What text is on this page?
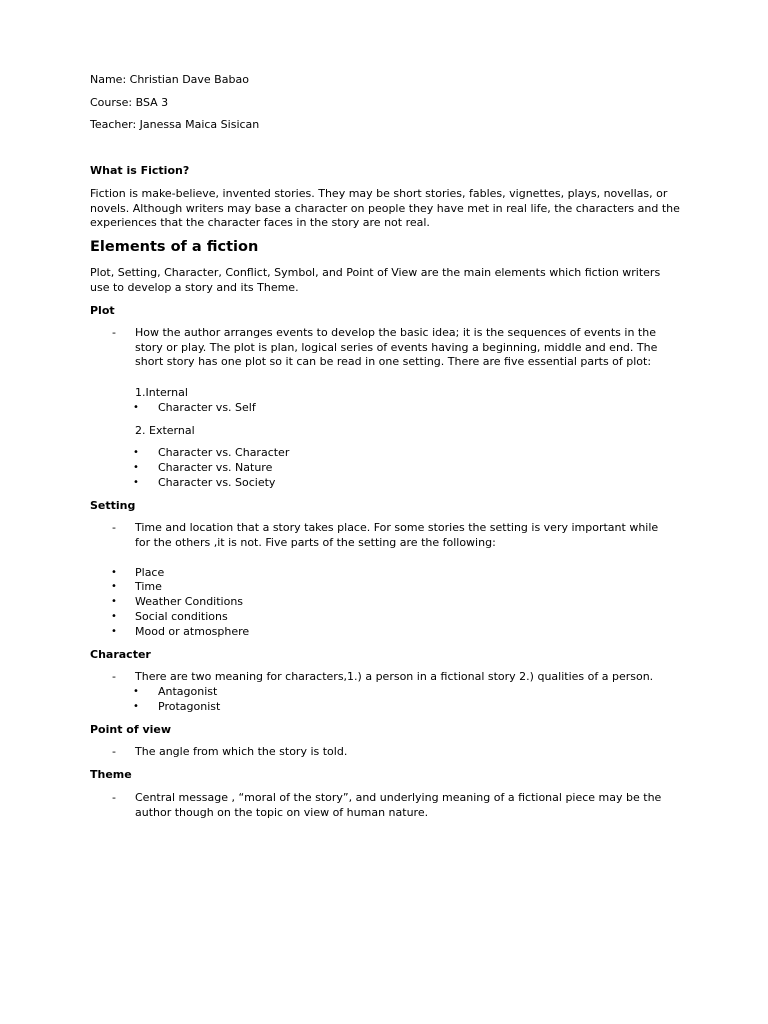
Name: Christian Dave Babao
Course: BSA 3
Teacher: Janessa Maica Sisican
What is Fiction?
Fiction is make-believe, invented stories. They may be short stories, fables, vignettes, plays, novellas, or novels. Although writers may base a character on people they have met in real life, the characters and the experiences that the character faces in the story are not real.
Elements of a fiction
Plot, Setting, Character, Conflict, Symbol, and Point of View are the main elements which fiction writers use to develop a story and its Theme.
Plot
- How the author arranges events to develop the basic idea; it is the sequences of events in the story or play. The plot is plan, logical series of events having a beginning, middle and end. The short story has one plot so it can be read in one setting. There are five essential parts of plot:
1.Internal
• Character vs. Self
2. External
• Character vs. Character
• Character vs. Nature
• Character vs. Society
Setting
- Time and location that a story takes place. For some stories the setting is very important while for the others ,it is not. Five parts of the setting are the following:
• Place
• Time
• Weather Conditions
• Social conditions
• Mood or atmosphere
Character
- There are two meaning for characters,1.) a person in a fictional story 2.) qualities of a person.
• Antagonist
• Protagonist
Point of view
- The angle from which the story is told.
Theme
- Central message , “moral of the story”, and underlying meaning of a fictional piece may be the author though on the topic on view of human nature.
